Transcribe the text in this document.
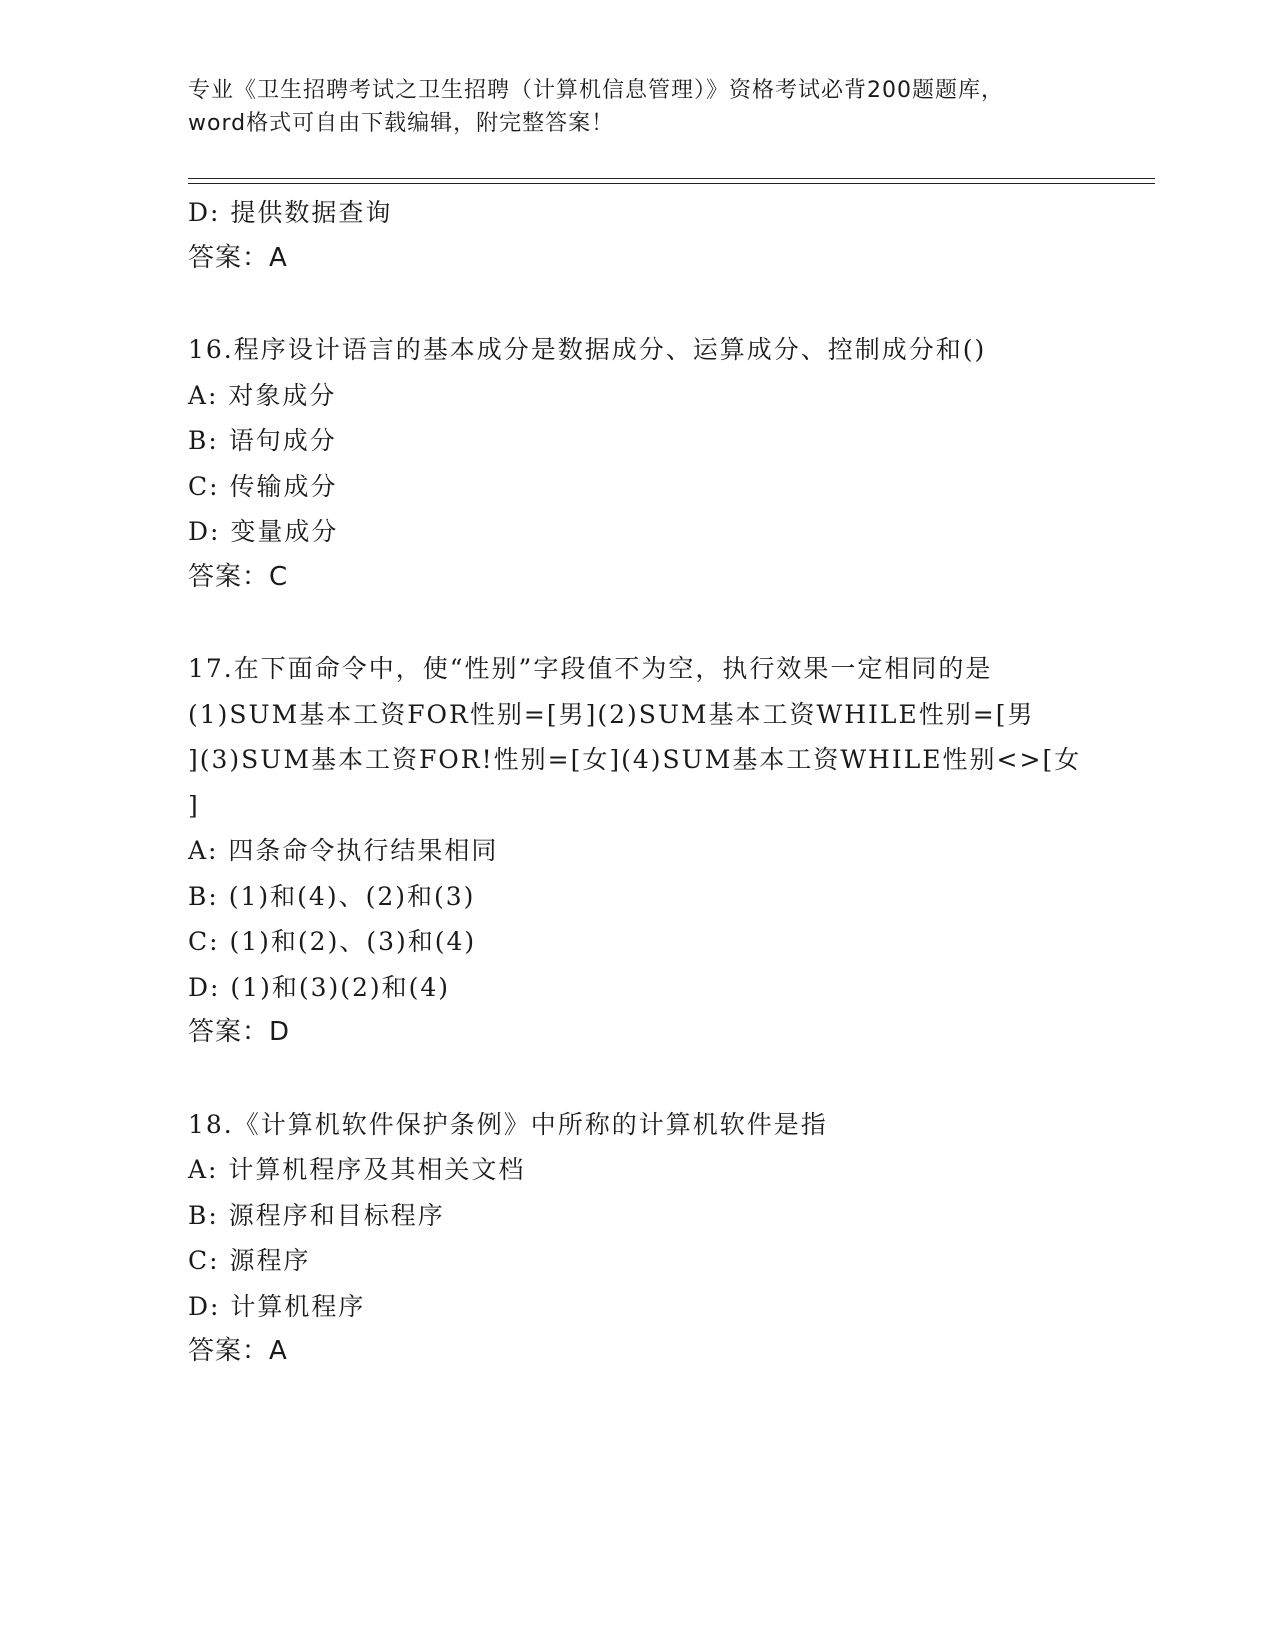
专业《卫生招聘考试之卫生招聘（计算机信息管理）》资格考试必背200题题库，
word格式可自由下载编辑，附完整答案！
D: 提供数据查询
答案：A
16.程序设计语言的基本成分是数据成分、运算成分、控制成分和()
A: 对象成分
B: 语句成分
C: 传输成分
D: 变量成分
答案：C
17.在下面命令中，使“性别”字段值不为空，执行效果一定相同的是
(1)SUM基本工资FOR性别=[男](2)SUM基本工资WHILE性别=[男
](3)SUM基本工资FOR!性别=[女](4)SUM基本工资WHILE性别<>[女
]
A: 四条命令执行结果相同
B: (1)和(4)、(2)和(3)
C: (1)和(2)、(3)和(4)
D: (1)和(3)(2)和(4)
答案：D
18.《计算机软件保护条例》中所称的计算机软件是指
A: 计算机程序及其相关文档
B: 源程序和目标程序
C: 源程序
D: 计算机程序
答案：A
